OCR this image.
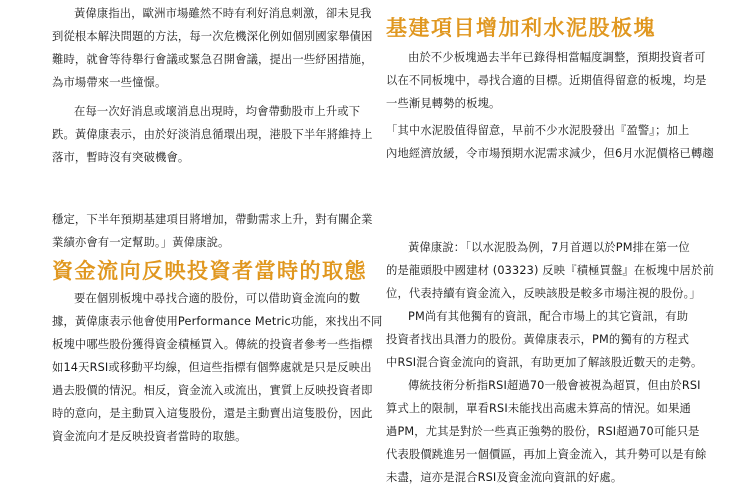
黃偉康指出，歐洲市場雖然不時有利好消息刺激，卻未見我
到從根本解決問題的方法，每一次危機深化例如個別國家舉債困
難時，就會等待舉行會議或緊急召開會議，提出一些紓困措施，
為市場帶來一些憧憬。
在每一次好消息或壞消息出現時，均會帶動股市上升或下
跌。黃偉康表示，由於好淡消息循環出現，港股下半年將維持上
落市，暫時沒有突破機會。
基建項目增加利水泥股板塊
由於不少板塊過去半年已錄得相當幅度調整，預期投資者可
以在不同板塊中，尋找合適的目標。近期值得留意的板塊，均是
一些漸見轉勢的板塊。
「其中水泥股值得留意，早前不少水泥股發出『盈警』；加上
內地經濟放緩，令市場預期水泥需求減少，但6月水泥價格已轉趨
穩定，下半年預期基建項目將增加，帶動需求上升，對有關企業
業績亦會有一定幫助。」黃偉康說。
資金流向反映投資者當時的取態
要在個別板塊中尋找合適的股份，可以借助資金流向的數
據，黃偉康表示他會使用Performance Metric功能，來找出不同
板塊中哪些股份獲得資金積極買入。傳統的投資者參考一些指標
如14天RSI或移動平均線，但這些指標有個弊處就是只是反映出
過去股價的情況。相反，資金流入或流出，實質上反映投資者即
時的意向，是主動買入這隻股份，還是主動賣出這隻股份，因此
資金流向才是反映投資者當時的取態。
黃偉康說：「以水泥股為例，7月首週以於PM排在第一位
的是龍頭股中國建材 (03323) 反映『積極買盤』在板塊中居於前
位，代表持續有資金流入，反映該股是較多市場注視的股份。」
PM尚有其他獨有的資訊，配合市場上的其它資訊，有助
投資者找出具潛力的股份。黃偉康表示，PM的獨有的方程式
中RSI混合資金流向的資訊，有助更加了解該股近數天的走勢。
傳統技術分析指RSI超過70一般會被視為超買，但由於RSI
算式上的限制，單看RSI未能找出高處未算高的情況。如果通
過PM，尤其是對於一些真正強勢的股份，RSI超過70可能只是
代表股價跳進另一個價區，再加上資金流入，其升勢可以是有餘
未盡，這亦是混合RSI及資金流向資訊的好處。
